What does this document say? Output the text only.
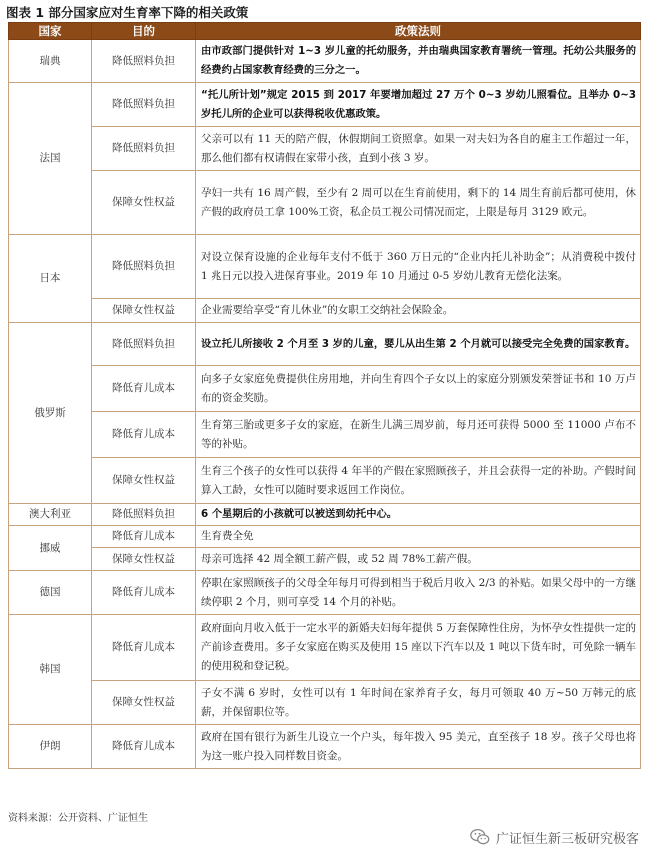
图表 1 部分国家应对生育率下降的相关政策
国家	目的	政策法则
瑞典	降低照料负担	由市政部门提供针对 1~3 岁儿童的托幼服务，并由瑞典国家教育署统一管理。托幼公共服务的经费约占国家教育经费的三分之一。
法国	降低照料负担	“托儿所计划”规定 2015 到 2017 年要增加超过 27 万个 0~3 岁幼儿照看位。且举办 0~3 岁托儿所的企业可以获得税收优惠政策。
	降低照料负担	父亲可以有 11 天的陪产假，休假期间工资照拿。如果一对夫妇为各自的雇主工作超过一年，那么他们都有权请假在家带小孩，直到小孩 3 岁。
	保障女性权益	孕妇一共有 16 周产假，至少有 2 周可以在生育前使用，剩下的 14 周生育前后都可使用，休产假的政府员工拿 100%工资，私企员工视公司情况而定，上限是每月 3129 欧元。
日本	降低照料负担	对设立保育设施的企业每年支付不低于 360 万日元的“企业内托儿补助金”；从消费税中拨付 1 兆日元以投入进保育事业。2019 年 10 月通过 0-5 岁幼儿教育无偿化法案。
	保障女性权益	企业需要给享受“育儿休业”的女职工交纳社会保险金。
俄罗斯	降低照料负担	设立托儿所接收 2 个月至 3 岁的儿童，婴儿从出生第 2 个月就可以接受完全免费的国家教育。
	降低育儿成本	向多子女家庭免费提供住房用地，并向生育四个子女以上的家庭分别颁发荣誉证书和 10 万卢布的资金奖励。
	降低育儿成本	生育第三胎或更多子女的家庭，在新生儿满三周岁前，每月还可获得 5000 至 11000 卢布不等的补贴。
	保障女性权益	生育三个孩子的女性可以获得 4 年半的产假在家照顾孩子，并且会获得一定的补助。产假时间算入工龄，女性可以随时要求返回工作岗位。
澳大利亚	降低照料负担	6 个星期后的小孩就可以被送到幼托中心。
挪威	降低育儿成本	生育费全免
	保障女性权益	母亲可选择 42 周全额工薪产假，或 52 周 78%工薪产假。
德国	降低育儿成本	停职在家照顾孩子的父母全年每月可得到相当于税后月收入 2/3 的补贴。如果父母中的一方继续停职 2 个月，则可享受 14 个月的补贴。
韩国	降低育儿成本	政府面向月收入低于一定水平的新婚夫妇每年提供 5 万套保障性住房，为怀孕女性提供一定的产前诊查费用。多子女家庭在购买及使用 15 座以下汽车以及 1 吨以下货车时，可免除一辆车的使用税和登记税。
	保障女性权益	子女不满 6 岁时，女性可以有 1 年时间在家养育子女，每月可领取 40 万~50 万韩元的底薪，并保留职位等。
伊朗	降低育儿成本	政府在国有银行为新生儿设立一个户头，每年拨入 95 美元，直至孩子 18 岁。孩子父母也将为这一账户投入同样数目资金。
资料来源：公开资料、广证恒生
广证恒生新三板研究极客
